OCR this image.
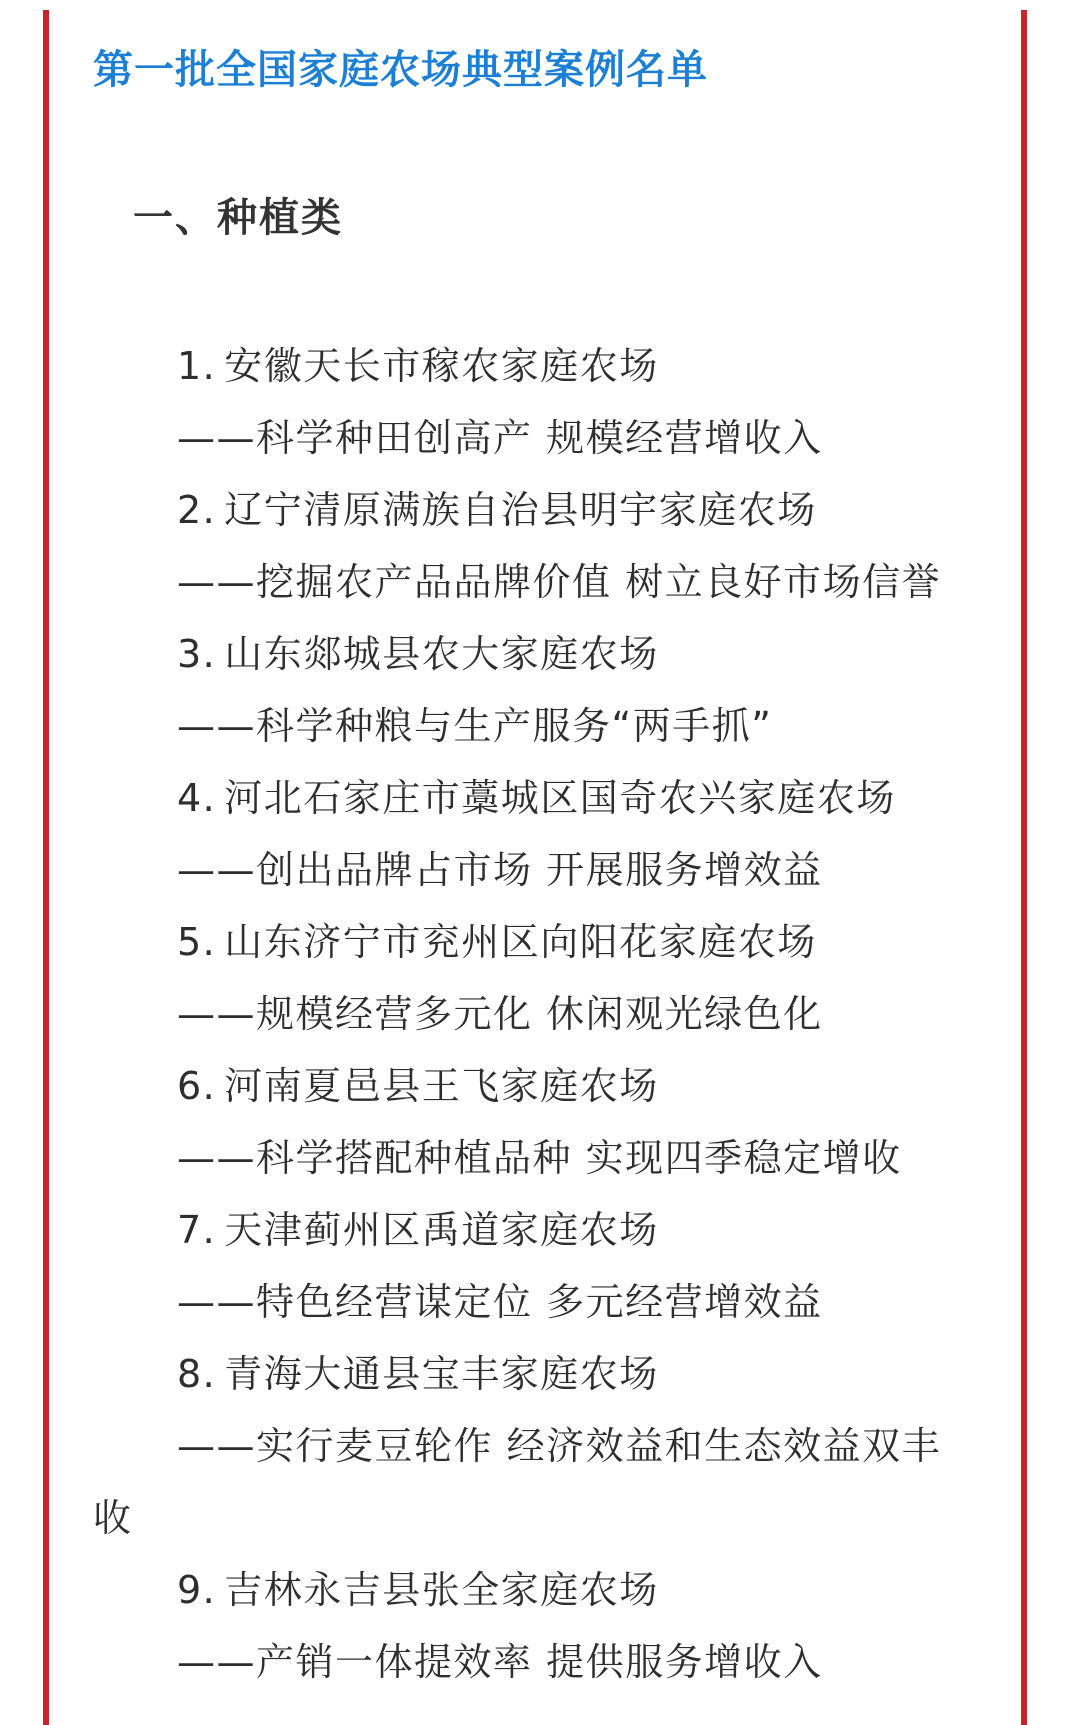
第一批全国家庭农场典型案例名单
一、种植类
1. 安徽天长市稼农家庭农场
——科学种田创高产 规模经营增收入
2. 辽宁清原满族自治县明宇家庭农场
——挖掘农产品品牌价值 树立良好市场信誉
3. 山东郯城县农大家庭农场
——科学种粮与生产服务“两手抓”
4. 河北石家庄市藁城区国奇农兴家庭农场
——创出品牌占市场 开展服务增效益
5. 山东济宁市兖州区向阳花家庭农场
——规模经营多元化 休闲观光绿色化
6. 河南夏邑县王飞家庭农场
——科学搭配种植品种 实现四季稳定增收
7. 天津蓟州区禹道家庭农场
——特色经营谋定位 多元经营增效益
8. 青海大通县宝丰家庭农场
——实行麦豆轮作 经济效益和生态效益双丰
收
9. 吉林永吉县张全家庭农场
——产销一体提效率 提供服务增收入
